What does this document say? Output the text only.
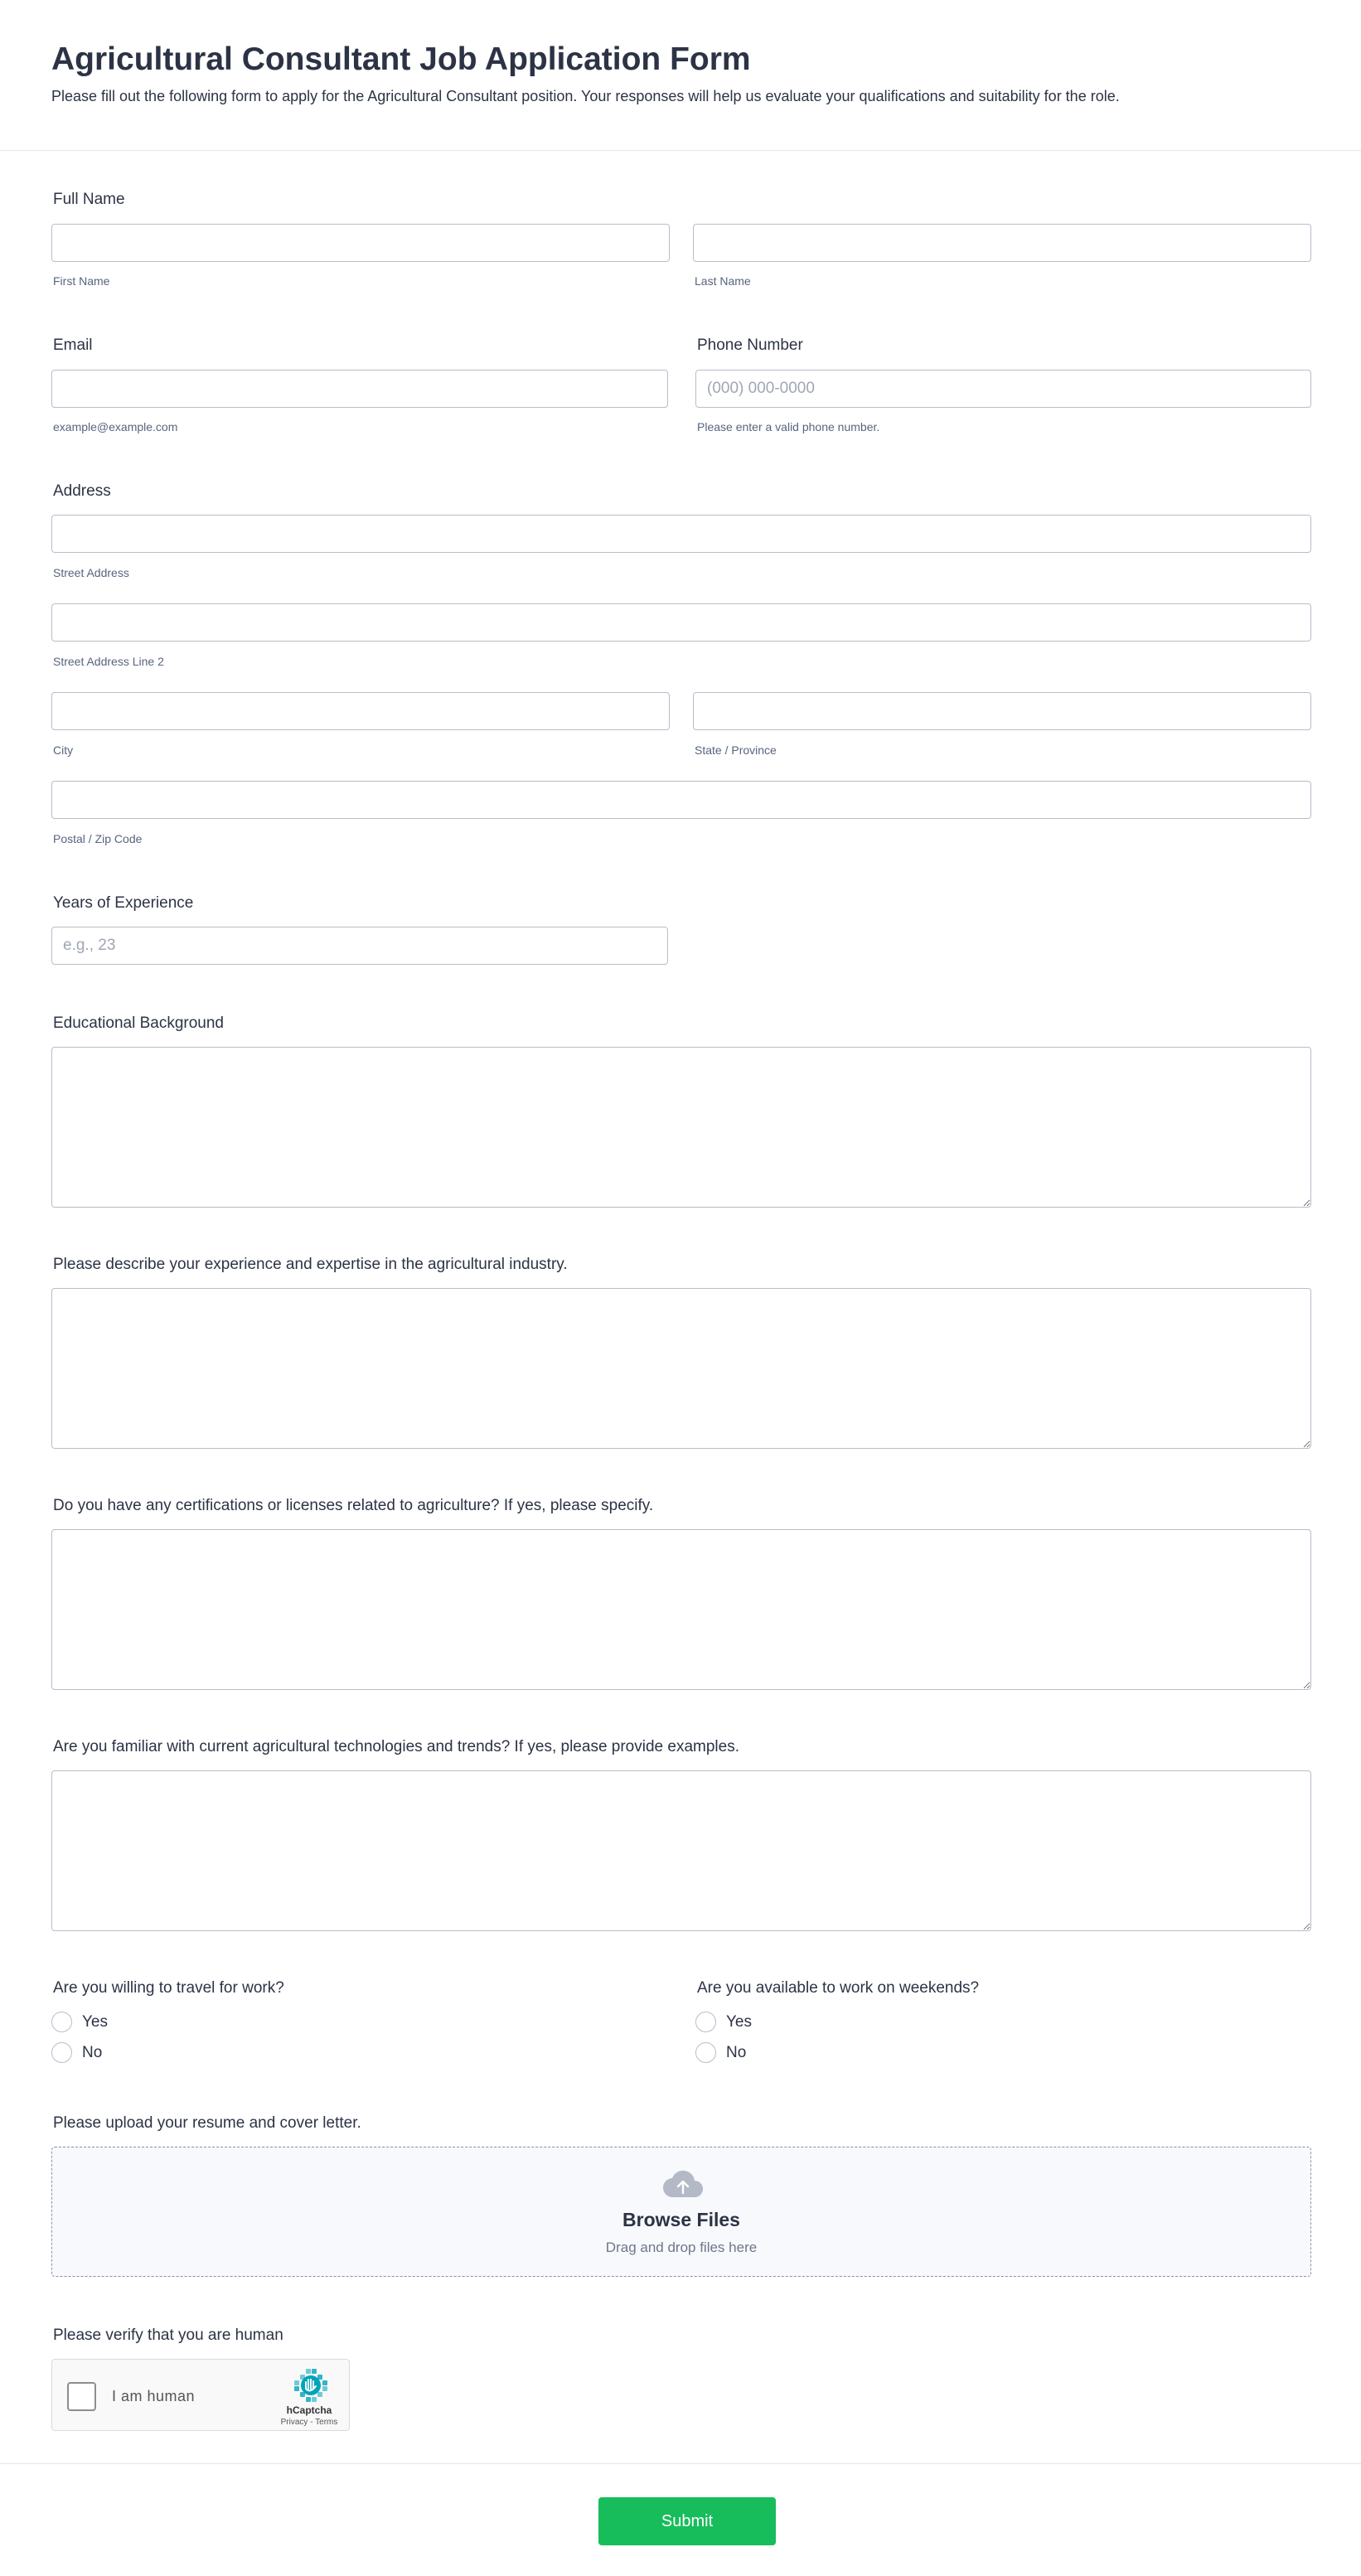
Agricultural Consultant Job Application Form

Please fill out the following form to apply for the Agricultural Consultant position. Your responses will help us evaluate your qualifications and suitability for the role.

Full Name
First Name	Last Name
Email
example@example.com
Phone Number
(000) 000-0000
Please enter a valid phone number.
Address
Street Address
Street Address Line 2
City	State / Province
Postal / Zip Code
Years of Experience
e.g., 23
Educational Background
Please describe your experience and expertise in the agricultural industry.
Do you have any certifications or licenses related to agriculture? If yes, please specify.
Are you familiar with current agricultural technologies and trends? If yes, please provide examples.
Are you willing to travel for work?
Yes
No
Are you available to work on weekends?
Yes
No
Please upload your resume and cover letter.
Browse Files
Drag and drop files here
Please verify that you are human
I am human
hCaptcha
Privacy - Terms
Submit
